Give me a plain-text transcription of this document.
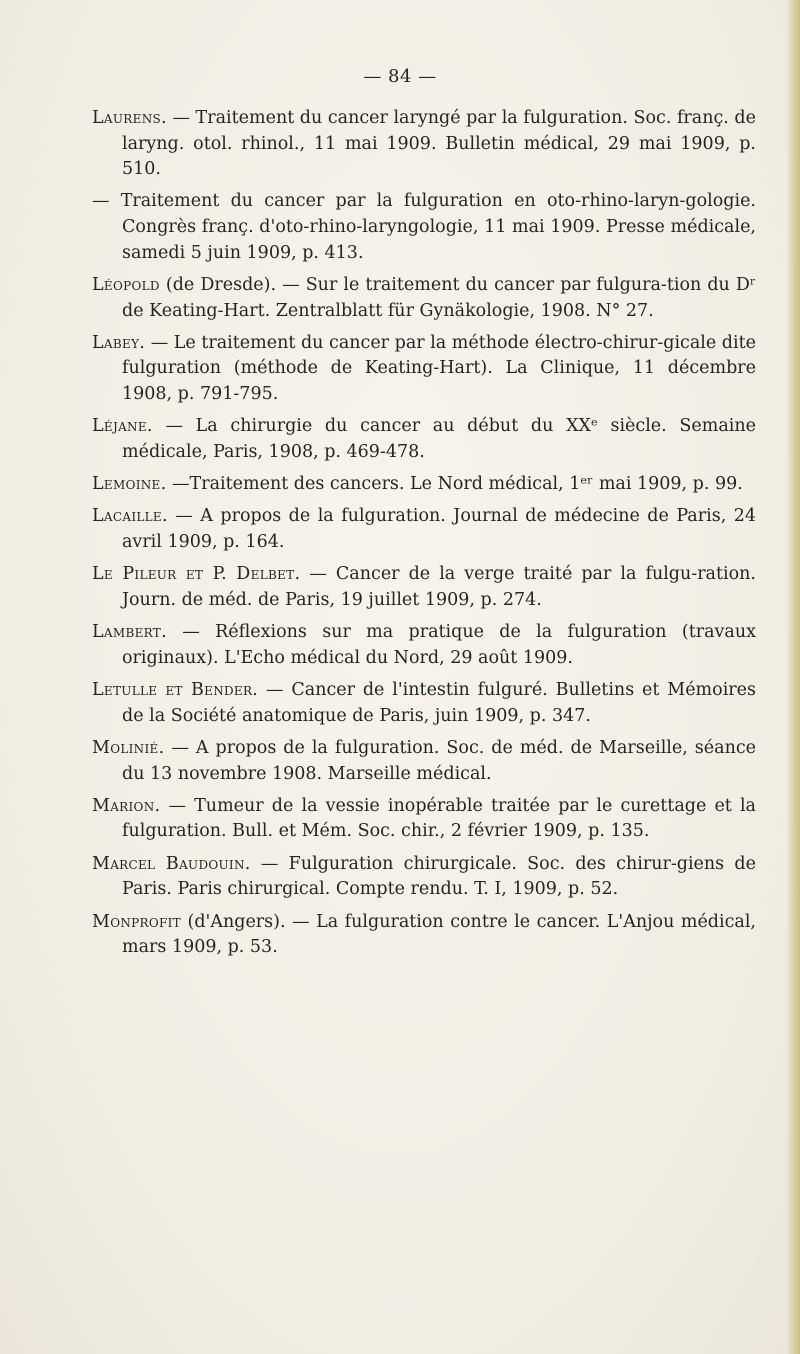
— 84 —

Laurens. — Traitement du cancer laryngé par la fulguration. Soc. franç. de laryng. otol. rhinol., 11 mai 1909. Bulletin médical, 29 mai 1909, p. 510.

— Traitement du cancer par la fulguration en oto-rhino-laryn-gologie. Congrès franç. d'oto-rhino-laryngologie, 11 mai 1909. Presse médicale, samedi 5 juin 1909, p. 413.

Léopold (de Dresde). — Sur le traitement du cancer par fulgura-tion du Dʳ de Keating-Hart. Zentralblatt für Gynäkologie, 1908. N° 27.

Labey. — Le traitement du cancer par la méthode électro-chirur-gicale dite fulguration (méthode de Keating-Hart). La Clinique, 11 décembre 1908, p. 791-795.

Léjane. — La chirurgie du cancer au début du XXᵉ siècle. Semaine médicale, Paris, 1908, p. 469-478.

Lemoine. —Traitement des cancers. Le Nord médical, 1ᵉʳ mai 1909, p. 99.

Lacaille. — A propos de la fulguration. Journal de médecine de Paris, 24 avril 1909, p. 164.

Le Pileur et P. Delbet. — Cancer de la verge traité par la fulgu-ration. Journ. de méd. de Paris, 19 juillet 1909, p. 274.

Lambert. — Réflexions sur ma pratique de la fulguration (travaux originaux). L'Echo médical du Nord, 29 août 1909.

Letulle et Bender. — Cancer de l'intestin fulguré. Bulletins et Mémoires de la Société anatomique de Paris, juin 1909, p. 347.

Molinié. — A propos de la fulguration. Soc. de méd. de Marseille, séance du 13 novembre 1908. Marseille médical.

Marion. — Tumeur de la vessie inopérable traitée par le curettage et la fulguration. Bull. et Mém. Soc. chir., 2 février 1909, p. 135.

Marcel Baudouin. — Fulguration chirurgicale. Soc. des chirur-giens de Paris. Paris chirurgical. Compte rendu. T. I, 1909, p. 52.

Monprofit (d'Angers). — La fulguration contre le cancer. L'Anjou médical, mars 1909, p. 53.
